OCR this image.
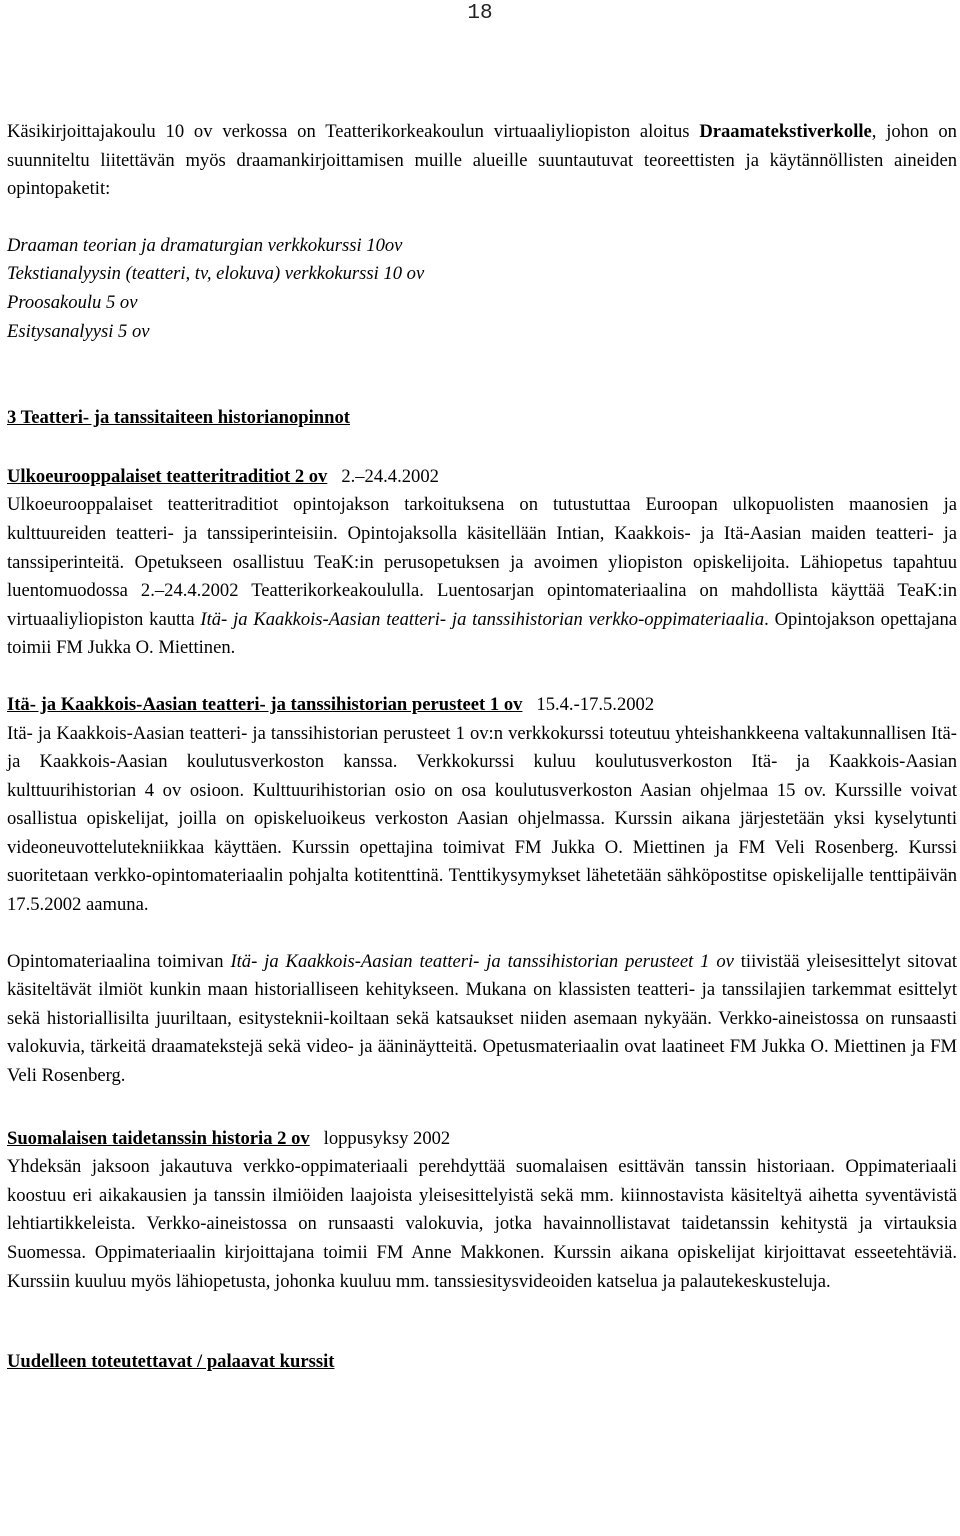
18

Käsikirjoittajakoulu 10 ov verkossa on Teatterikorkeakoulun virtuaaliyliopiston aloitus Draamatekstiverkolle, johon on suunniteltu liitettävän myös draamankirjoittamisen muille alueille suuntautuvat teoreettisten ja käytännöllisten aineiden opintopaketit:

Draaman teorian ja dramaturgian verkkokurssi 10ov
Tekstianalyysin (teatteri, tv, elokuva) verkkokurssi 10 ov
Proosakoulu 5 ov
Esitysanalyysi 5 ov
3 Teatteri- ja tanssitaiteen historianopinnot
Ulkoeurooppalaiset teatteritraditiot 2 ov 2.–24.4.2002

Ulkoeurooppalaiset teatteritraditiot opintojakson tarkoituksena on tutustuttaa Euroopan ulkopuolisten maanosien ja kulttuureiden teatteri- ja tanssiperinteisiin. Opintojaksolla käsitellään Intian, Kaakkois- ja Itä-Aasian maiden teatteri- ja tanssiperinteitä. Opetukseen osallistuu TeaK:in perusopetuksen ja avoimen yliopiston opiskelijoita. Lähiopetus tapahtuu luentomuodossa 2.–24.4.2002 Teatterikorkeakoululla. Luentosarjan opintomateriaalina on mahdollista käyttää TeaK:in virtuaaliyliopiston kautta Itä- ja Kaakkois-Aasian teatteri- ja tanssihistorian verkko-oppimateriaalia. Opintojakson opettajana toimii FM Jukka O. Miettinen.

Itä- ja Kaakkois-Aasian teatteri- ja tanssihistorian perusteet 1 ov 15.4.-17.5.2002

Itä- ja Kaakkois-Aasian teatteri- ja tanssihistorian perusteet 1 ov:n verkkokurssi toteutuu yhteishankkeena valtakunnallisen Itä- ja Kaakkois-Aasian koulutusverkoston kanssa. Verkkokurssi kuluu koulutusverkoston Itä- ja Kaakkois-Aasian kulttuurihistorian 4 ov osioon. Kulttuurihistorian osio on osa koulutusverkoston Aasian ohjelmaa 15 ov. Kurssille voivat osallistua opiskelijat, joilla on opiskeluoikeus verkoston Aasian ohjelmassa. Kurssin aikana järjestetään yksi kyselytunti videoneuvottelutekniikkaa käyttäen. Kurssin opettajina toimivat FM Jukka O. Miettinen ja FM Veli Rosenberg. Kurssi suoritetaan verkko-opintomateriaalin pohjalta kotitenttinä. Tenttikysymykset lähetetään sähköpostitse opiskelijalle tenttipäivän 17.5.2002 aamuna.

Opintomateriaalina toimivan Itä- ja Kaakkois-Aasian teatteri- ja tanssihistorian perusteet 1 ov tiivistää yleisesittelyt sitovat käsiteltävät ilmiöt kunkin maan historialliseen kehitykseen. Mukana on klassisten teatteri- ja tanssilajien tarkemmat esittelyt sekä historiallisilta juuriltaan, esitysteknii-koiltaan sekä katsaukset niiden asemaan nykyään. Verkko-aineistossa on runsaasti valokuvia, tärkeitä draamatekstejä sekä video- ja ääninäytteitä. Opetusmateriaalin ovat laatineet FM Jukka O. Miettinen ja FM Veli Rosenberg.

Suomalaisen taidetanssin historia 2 ov loppusyksy 2002

Yhdeksän jaksoon jakautuva verkko-oppimateriaali perehdyttää suomalaisen esittävän tanssin historiaan. Oppimateriaali koostuu eri aikakausien ja tanssin ilmiöiden laajoista yleisesittelyistä sekä mm. kiinnostavista käsiteltyä aihetta syventävistä lehtiartikkeleista. Verkko-aineistossa on runsaasti valokuvia, jotka havainnollistavat taidetanssin kehitystä ja virtauksia Suomessa. Oppimateriaalin kirjoittajana toimii FM Anne Makkonen. Kurssin aikana opiskelijat kirjoittavat esseetehtäviä. Kurssiin kuuluu myös lähiopetusta, johonka kuuluu mm. tanssiesitysvideoiden katselua ja palautekeskusteluja.

Uudelleen toteutettavat / palaavat kurssit
